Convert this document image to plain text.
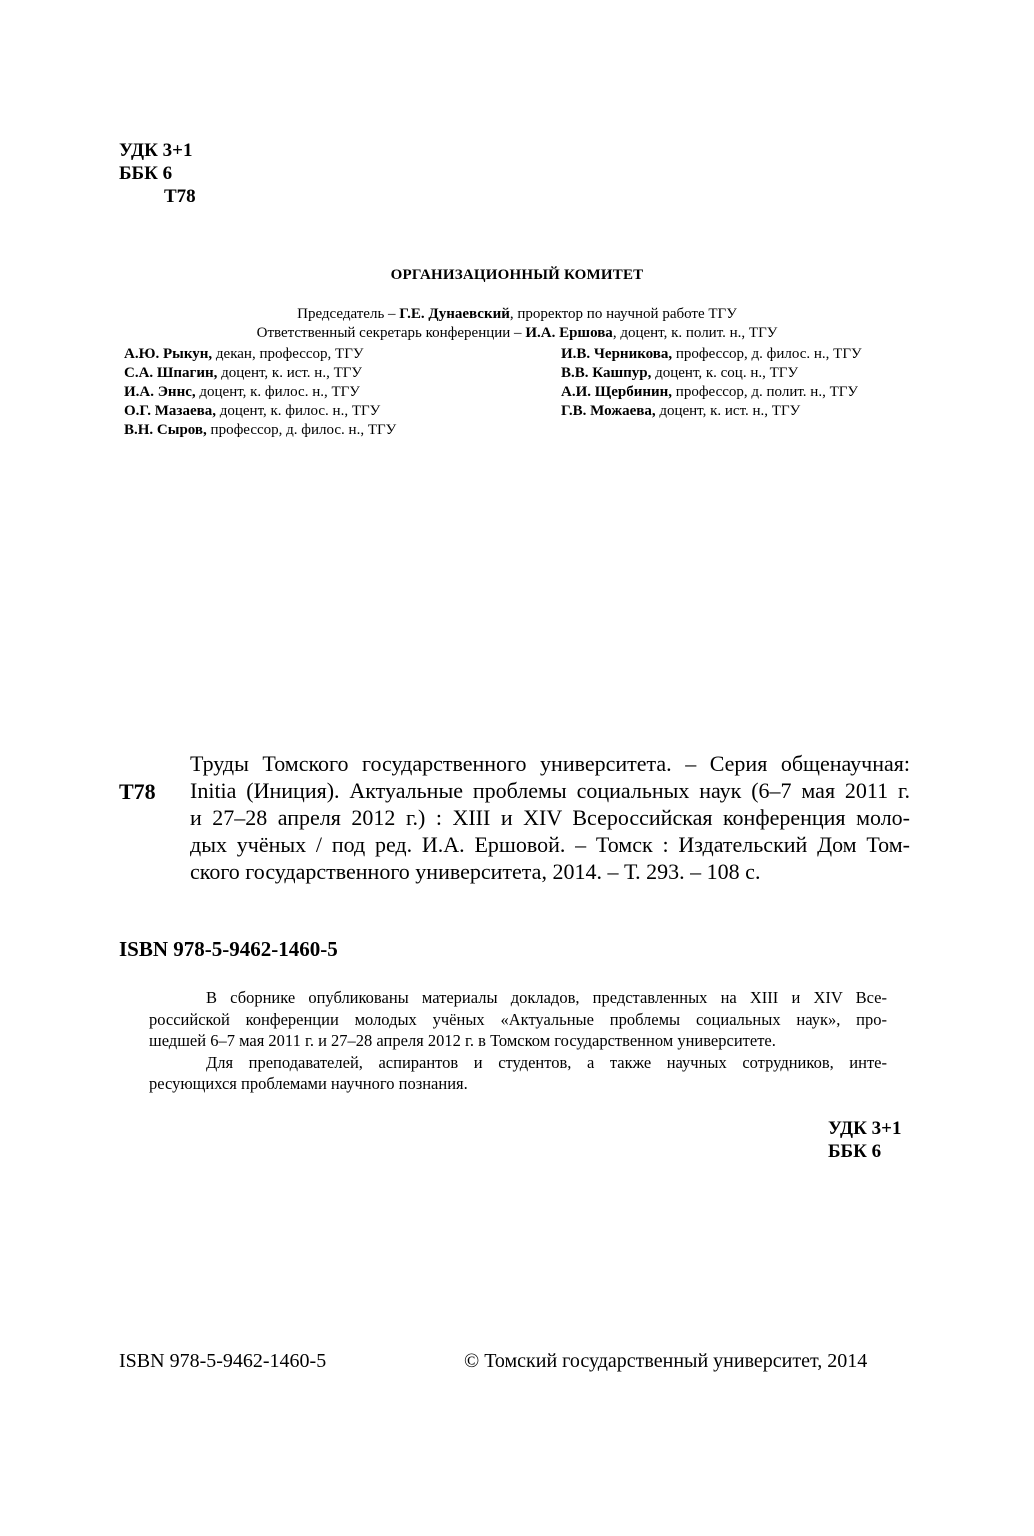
УДК 3+1
ББК 6
Т78
ОРГАНИЗАЦИОННЫЙ КОМИТЕТ
Председатель – Г.Е. Дунаевский, проректор по научной работе ТГУ
Ответственный секретарь конференции – И.А. Ершова, доцент, к. полит. н., ТГУ
А.Ю. Рыкун, декан, профессор, ТГУ
С.А. Шпагин, доцент, к. ист. н., ТГУ
И.А. Эннс, доцент, к. филос. н., ТГУ
О.Г. Мазаева, доцент, к. филос. н., ТГУ
В.Н. Сыров, профессор, д. филос. н., ТГУ
И.В. Черникова, профессор, д. филос. н., ТГУ
В.В. Кашпур, доцент, к. соц. н., ТГУ
А.И. Щербинин, профессор, д. полит. н., ТГУ
Г.В. Можаева, доцент, к. ист. н., ТГУ
Т78
Труды Томского государственного университета. – Серия общенаучная:
Initia (Иниция). Актуальные проблемы социальных наук (6–7 мая 2011 г.
и 27–28 апреля 2012 г.) : XIII и XIV Всероссийская конференция моло-
дых учёных / под ред. И.А. Ершовой. – Томск : Издательский Дом Том-
ского государственного университета, 2014. – Т. 293. – 108 с.
ISBN 978-5-9462-1460-5
В сборнике опубликованы материалы докладов, представленных на XIII и XIV Все-
российской конференции молодых учёных «Актуальные проблемы социальных наук», про-
шедшей 6–7 мая 2011 г. и 27–28 апреля 2012 г. в Томском государственном университете.
Для преподавателей, аспирантов и студентов, а также научных сотрудников, инте-
ресующихся проблемами научного познания.
УДК 3+1
ББК 6
ISBN 978-5-9462-1460-5	© Томский государственный университет, 2014
